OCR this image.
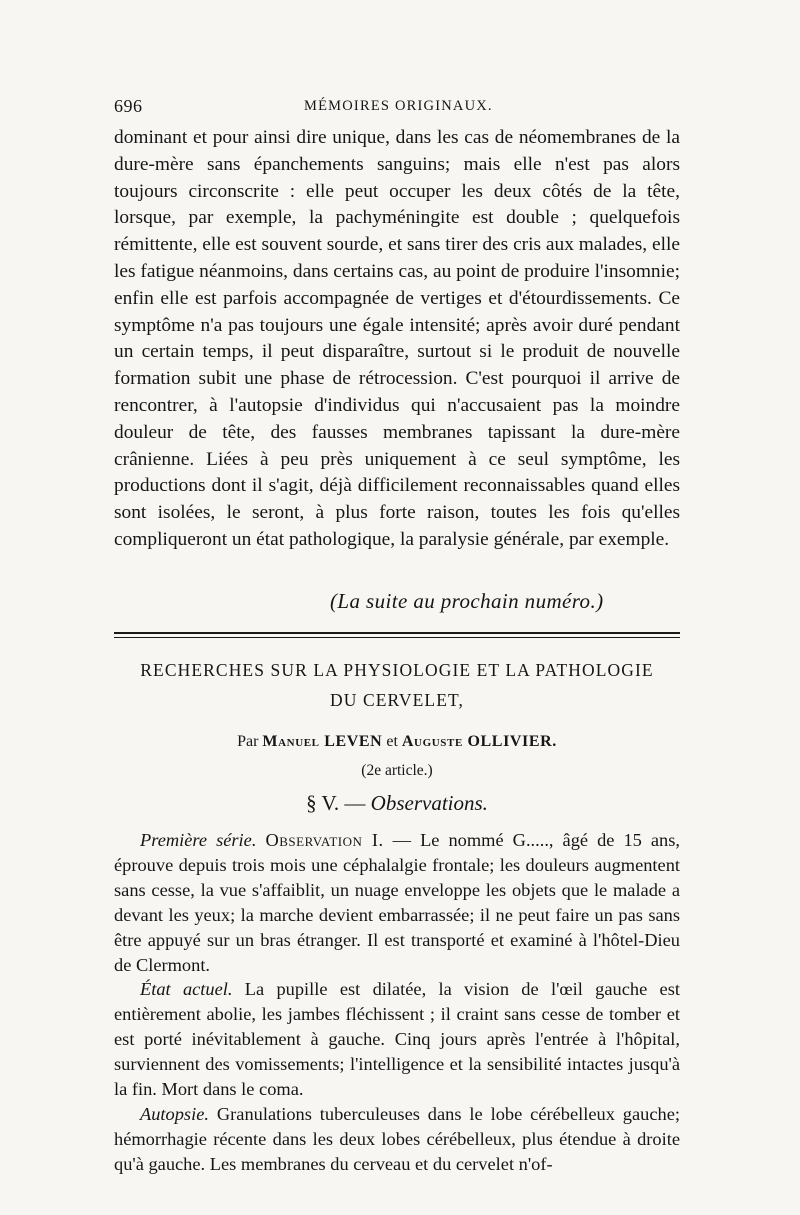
696	MÉMOIRES ORIGINAUX.

dominant et pour ainsi dire unique, dans les cas de néomembranes de la dure-mère sans épanchements sanguins; mais elle n'est pas alors toujours circonscrite : elle peut occuper les deux côtés de la tête, lorsque, par exemple, la pachyméningite est double ; quelquefois rémittente, elle est souvent sourde, et sans tirer des cris aux malades, elle les fatigue néanmoins, dans certains cas, au point de produire l'insomnie; enfin elle est parfois accompagnée de vertiges et d'étourdissements. Ce symptôme n'a pas toujours une égale intensité; après avoir duré pendant un certain temps, il peut disparaître, surtout si le produit de nouvelle formation subit une phase de rétrocession. C'est pourquoi il arrive de rencontrer, à l'autopsie d'individus qui n'accusaient pas la moindre douleur de tête, des fausses membranes tapissant la dure-mère crânienne. Liées à peu près uniquement à ce seul symptôme, les productions dont il s'agit, déjà difficilement reconnaissables quand elles sont isolées, le seront, à plus forte raison, toutes les fois qu'elles compliqueront un état pathologique, la paralysie générale, par exemple.

(La suite au prochain numéro.)
RECHERCHES SUR LA PHYSIOLOGIE ET LA PATHOLOGIE
DU CERVELET,
Par Manuel LEVEN et Auguste OLLIVIER.
(2e article.)
§ V. — Observations.

Première série. Observation I. — Le nommé G....., âgé de 15 ans, éprouve depuis trois mois une céphalalgie frontale; les douleurs augmentent sans cesse, la vue s'affaiblit, un nuage enveloppe les objets que le malade a devant les yeux; la marche devient embarrassée; il ne peut faire un pas sans être appuyé sur un bras étranger. Il est transporté et examiné à l'hôtel-Dieu de Clermont.

État actuel. La pupille est dilatée, la vision de l'œil gauche est entièrement abolie, les jambes fléchissent ; il craint sans cesse de tomber et est porté inévitablement à gauche. Cinq jours après l'entrée à l'hôpital, surviennent des vomissements; l'intelligence et la sensibilité intactes jusqu'à la fin. Mort dans le coma.

Autopsie. Granulations tuberculeuses dans le lobe cérébelleux gauche; hémorrhagie récente dans les deux lobes cérébelleux, plus étendue à droite qu'à gauche. Les membranes du cerveau et du cervelet n'of-
